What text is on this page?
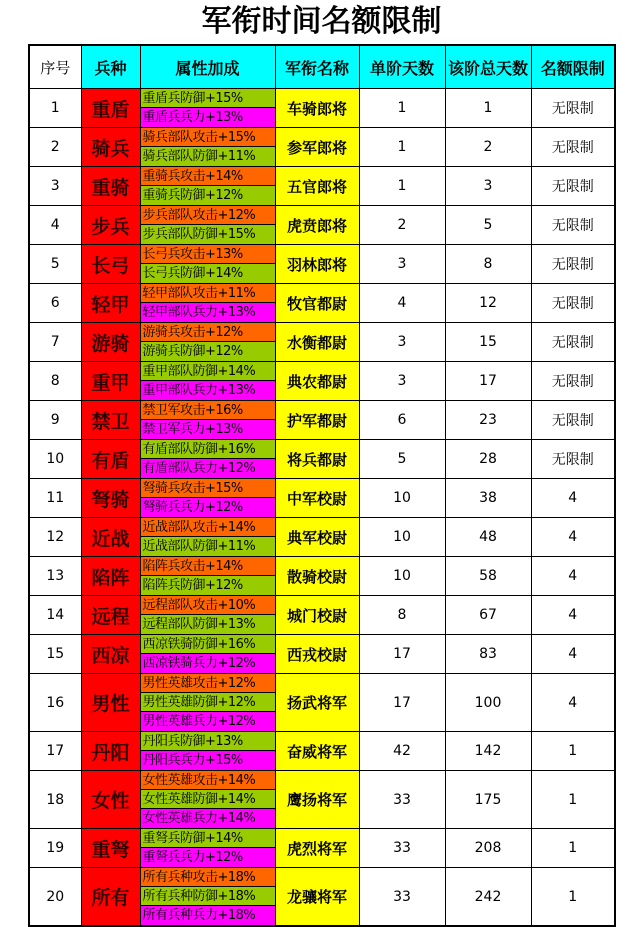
军衔时间名额限制
序号	兵种	属性加成	军衔名称	单阶天数	该阶总天数	名额限制
1	重盾	重盾兵防御+15%
重盾兵兵力+13%	车骑郎将	1	1	无限制
2	骑兵	骑兵部队攻击+15%
骑兵部队防御+11%	参军郎将	1	2	无限制
3	重骑	重骑兵攻击+14%
重骑兵防御+12%	五官郎将	1	3	无限制
4	步兵	步兵部队攻击+12%
步兵部队防御+15%	虎贲郎将	2	5	无限制
5	长弓	长弓兵攻击+13%
长弓兵防御+14%	羽林郎将	3	8	无限制
6	轻甲	轻甲部队攻击+11%
轻甲部队兵力+13%	牧官都尉	4	12	无限制
7	游骑	游骑兵攻击+12%
游骑兵防御+12%	水衡都尉	3	15	无限制
8	重甲	重甲部队防御+14%
重甲部队兵力+13%	典农都尉	3	17	无限制
9	禁卫	禁卫军攻击+16%
禁卫军兵力+13%	护军都尉	6	23	无限制
10	有盾	有盾部队防御+16%
有盾部队兵力+12%	将兵都尉	5	28	无限制
11	弩骑	弩骑兵攻击+15%
弩骑兵兵力+12%	中军校尉	10	38	4
12	近战	近战部队攻击+14%
近战部队防御+11%	典军校尉	10	48	4
13	陷阵	陷阵兵攻击+14%
陷阵兵防御+12%	散骑校尉	10	58	4
14	远程	远程部队攻击+10%
远程部队防御+13%	城门校尉	8	67	4
15	西凉	西凉铁骑防御+16%
西凉铁骑兵力+12%	西戎校尉	17	83	4
16	男性	男性英雄攻击+12%
男性英雄防御+12%
男性英雄兵力+12%	扬武将军	17	100	4
17	丹阳	丹阳兵防御+13%
丹阳兵兵力+15%	奋威将军	42	142	1
18	女性	女性英雄攻击+14%
女性英雄防御+14%
女性英雄兵力+14%	鹰扬将军	33	175	1
19	重弩	重弩兵防御+14%
重弩兵兵力+12%	虎烈将军	33	208	1
20	所有	所有兵种攻击+18%
所有兵种防御+18%
所有兵种兵力+18%	龙骧将军	33	242	1
